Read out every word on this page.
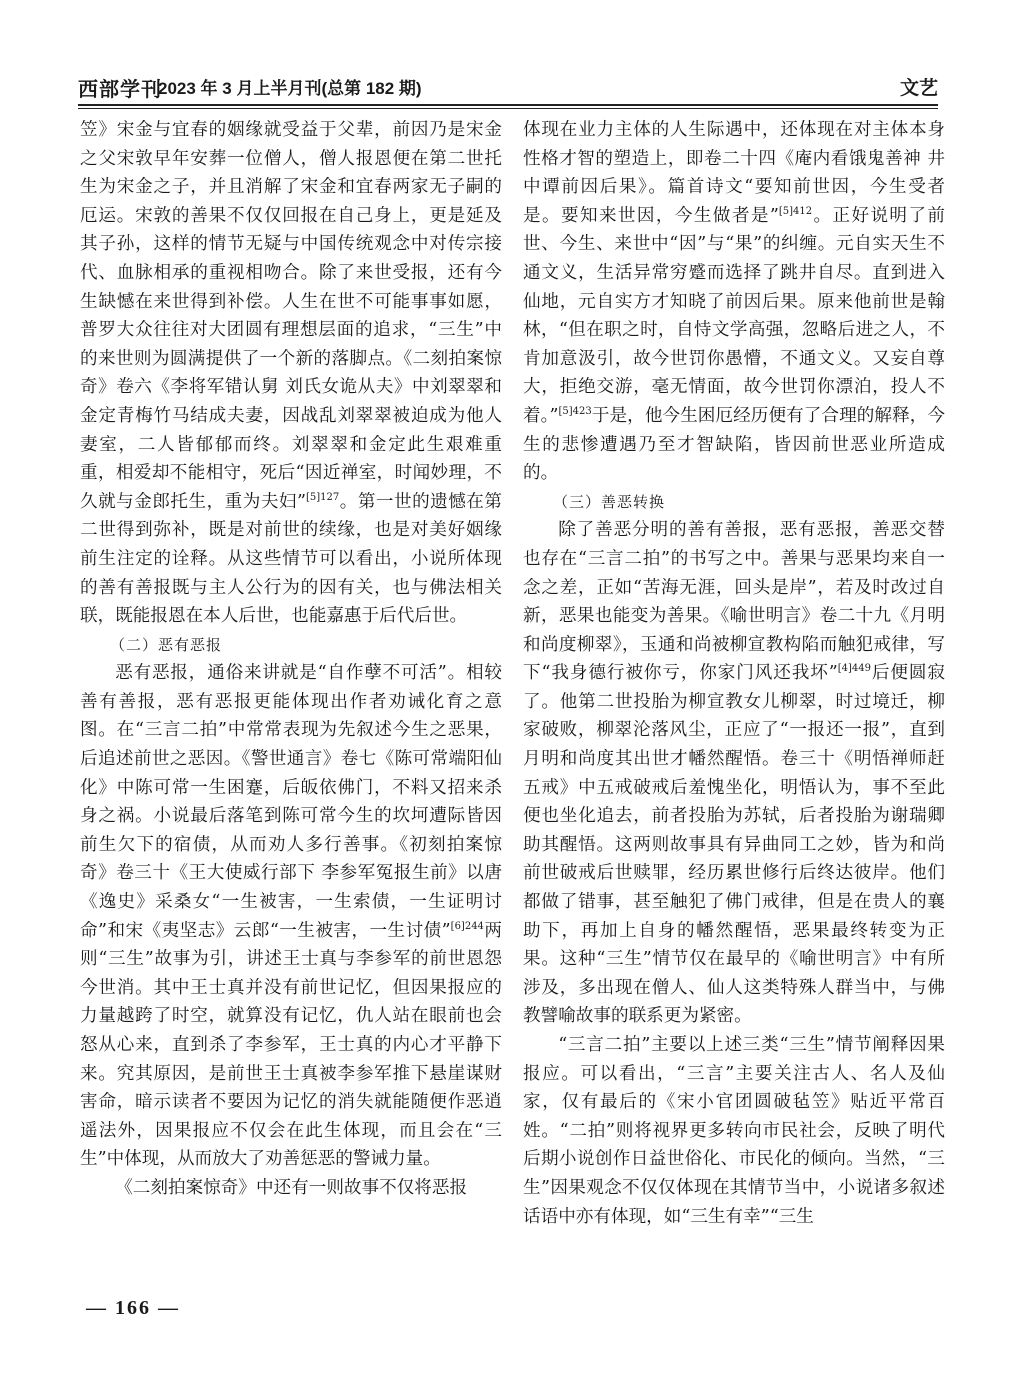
西部学刊
2023 年 3 月上半月刊(总第 182 期)	文艺

笠》宋金与宜春的姻缘就受益于父辈，前因乃是宋金之父宋敦早年安葬一位僧人，僧人报恩便在第二世托生为宋金之子，并且消解了宋金和宜春两家无子嗣的厄运。宋敦的善果不仅仅回报在自己身上，更是延及其子孙，这样的情节无疑与中国传统观念中对传宗接代、血脉相承的重视相吻合。除了来世受报，还有今生缺憾在来世得到补偿。人生在世不可能事事如愿，普罗大众往往对大团圆有理想层面的追求，“三生”中的来世则为圆满提供了一个新的落脚点。《二刻拍案惊奇》卷六《李将军错认舅 刘氏女诡从夫》中刘翠翠和金定青梅竹马结成夫妻，因战乱刘翠翠被迫成为他人妻室，二人皆郁郁而终。刘翠翠和金定此生艰难重重，相爱却不能相守，死后“因近禅室，时闻妙理，不久就与金郎托生，重为夫妇”$^{[5]127}$。第一世的遗憾在第二世得到弥补，既是对前世的续缘，也是对美好姻缘前生注定的诠释。从这些情节可以看出，小说所体现的善有善报既与主人公行为的因有关，也与佛法相关联，既能报恩在本人后世，也能嘉惠于后代后世。

（二）恶有恶报

恶有恶报，通俗来讲就是“自作孽不可活”。相较善有善报，恶有恶报更能体现出作者劝诫化育之意图。在“三言二拍”中常常表现为先叙述今生之恶果，后追述前世之恶因。《警世通言》卷七《陈可常端阳仙化》中陈可常一生困蹇，后皈依佛门，不料又招来杀身之祸。小说最后落笔到陈可常今生的坎坷遭际皆因前生欠下的宿债，从而劝人多行善事。《初刻拍案惊奇》卷三十《王大使威行部下 李参军冤报生前》以唐《逸史》采桑女“一生被害，一生索债，一生证明讨命”和宋《夷坚志》云郎“一生被害，一生讨债”$^{[6]244}$两则“三生”故事为引，讲述王士真与李参军的前世恩怨今世消。其中王士真并没有前世记忆，但因果报应的力量越跨了时空，就算没有记忆，仇人站在眼前也会怒从心来，直到杀了李参军，王士真的内心才平静下来。究其原因，是前世王士真被李参军推下悬崖谋财害命，暗示读者不要因为记忆的消失就能随便作恶逍遥法外，因果报应不仅会在此生体现，而且会在“三生”中体现，从而放大了劝善惩恶的警诫力量。

《二刻拍案惊奇》中还有一则故事不仅将恶报

体现在业力主体的人生际遇中，还体现在对主体本身性格才智的塑造上，即卷二十四《庵内看饿鬼善神 井中谭前因后果》。篇首诗文“要知前世因，今生受者是。要知来世因，今生做者是”$^{[5]412}$。正好说明了前世、今生、来世中“因”与“果”的纠缠。元自实天生不通文义，生活异常穷蹙而选择了跳井自尽。直到进入仙地，元自实方才知晓了前因后果。原来他前世是翰林，“但在职之时，自恃文学高强，忽略后进之人，不肯加意汲引，故今世罚你愚懵，不通文义。又妄自尊大，拒绝交游，毫无情面，故今世罚你漂泊，投人不着。”$^{[5]423}$于是，他今生困厄经历便有了合理的解释，今生的悲惨遭遇乃至才智缺陷，皆因前世恶业所造成的。

（三）善恶转换

除了善恶分明的善有善报，恶有恶报，善恶交替也存在“三言二拍”的书写之中。善果与恶果均来自一念之差，正如“苦海无涯，回头是岸”，若及时改过自新，恶果也能变为善果。《喻世明言》卷二十九《月明和尚度柳翠》，玉通和尚被柳宣教构陷而触犯戒律，写下“我身德行被你亏，你家门风还我坏”$^{[4]449}$后便圆寂了。他第二世投胎为柳宣教女儿柳翠，时过境迁，柳家破败，柳翠沦落风尘，正应了“一报还一报”，直到月明和尚度其出世才幡然醒悟。卷三十《明悟禅师赶五戒》中五戒破戒后羞愧坐化，明悟认为，事不至此便也坐化追去，前者投胎为苏轼，后者投胎为谢瑞卿助其醒悟。这两则故事具有异曲同工之妙，皆为和尚前世破戒后世赎罪，经历累世修行后终达彼岸。他们都做了错事，甚至触犯了佛门戒律，但是在贵人的襄助下，再加上自身的幡然醒悟，恶果最终转变为正果。这种“三生”情节仅在最早的《喻世明言》中有所涉及，多出现在僧人、仙人这类特殊人群当中，与佛教譬喻故事的联系更为紧密。

“三言二拍”主要以上述三类“三生”情节阐释因果报应。可以看出，“三言”主要关注古人、名人及仙家，仅有最后的《宋小官团圆破毡笠》贴近平常百姓。“二拍”则将视界更多转向市民社会，反映了明代后期小说创作日益世俗化、市民化的倾向。当然，“三生”因果观念不仅仅体现在其情节当中，小说诸多叙述话语中亦有体现，如“三生有幸”“三生

— 166 —
